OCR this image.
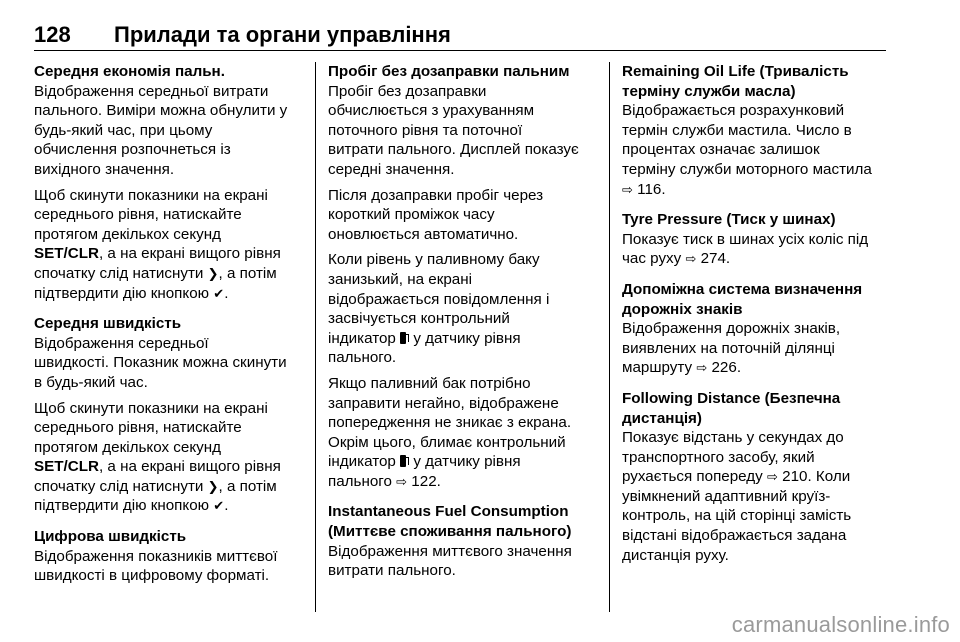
128 Прилади та органи управління
Середня економія пальн.

Відображення середньої витрати
пального. Виміри можна обнулити у
будь-який час, при цьому
обчислення розпочнеться із
вихідного значення.

Щоб скинути показники на екрані
середнього рівня, натискайте
протягом декількох секунд
SET/CLR, а на екрані вищого рівня
спочатку слід натиснути ❯, а потім
підтвердити дію кнопкою ✔.

Середня швидкість

Відображення середньої
швидкості. Показник можна скинути
в будь-який час.

Щоб скинути показники на екрані
середнього рівня, натискайте
протягом декількох секунд
SET/CLR, а на екрані вищого рівня
спочатку слід натиснути ❯, а потім
підтвердити дію кнопкою ✔.

Цифрова швидкість

Відображення показників миттєвої
швидкості в цифровому форматі.

Пробіг без дозаправки пальним

Пробіг без дозаправки
обчислюється з урахуванням
поточного рівня та поточної
витрати пального. Дисплей показує
середні значення.

Після дозаправки пробіг через
короткий проміжок часу
оновлюється автоматично.

Коли рівень у паливному баку
занизький, на екрані
відображається повідомлення і
засвічується контрольний
індикатор  у датчику рівня
пального.

Якщо паливний бак потрібно
заправити негайно, відображене
попередження не зникає з екрана.
Окрім цього, блимає контрольний
індикатор  у датчику рівня
пального ⇨ 122.

Instantaneous Fuel Consumption
(Миттєве споживання пального)

Відображення миттєвого значення
витрати пального.

Remaining Oil Life (Тривалість
терміну служби масла)

Відображається розрахунковий
термін служби мастила. Число в
процентах означає залишок
терміну служби моторного мастила
⇨ 116.

Tyre Pressure (Тиск у шинах)

Показує тиск в шинах усіх коліс під
час руху ⇨ 274.

Допоміжна система визначення
дорожніх знаків

Відображення дорожніх знаків,
виявлених на поточній ділянці
маршруту ⇨ 226.

Following Distance (Безпечна
дистанція)

Показує відстань у секундах до
транспортного засобу, який
рухається попереду ⇨ 210. Коли
увімкнений адаптивний круїз-
контроль, на цій сторінці замість
відстані відображається задана
дистанція руху.

carmanualsonline.info
